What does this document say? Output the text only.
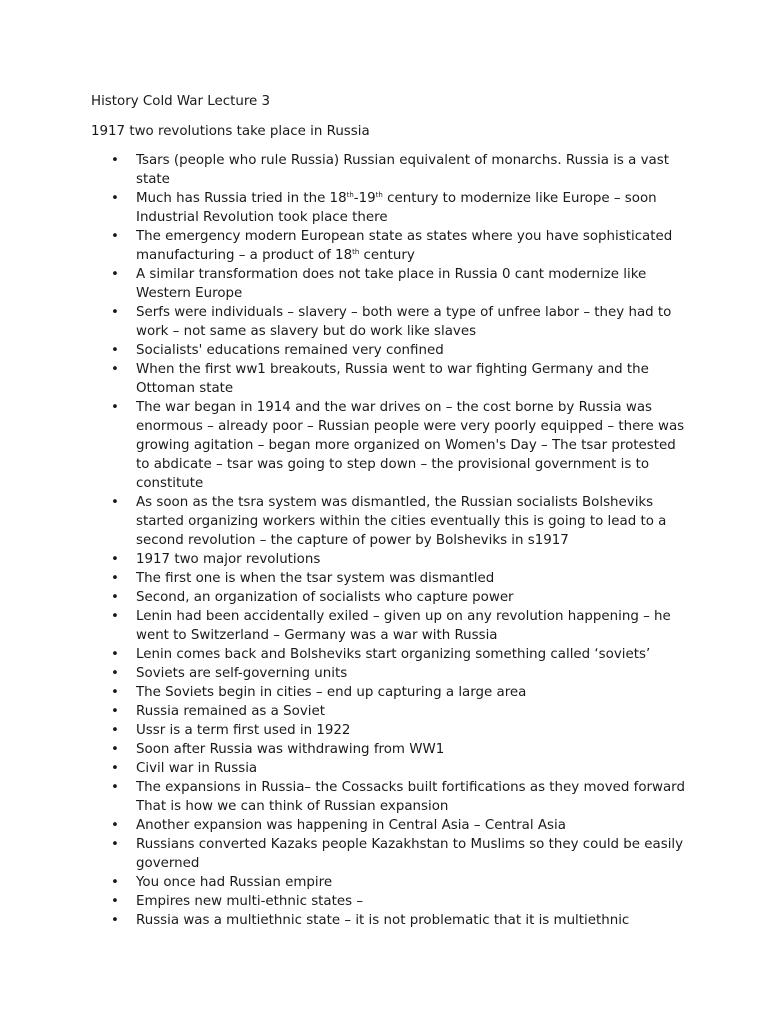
History Cold War Lecture 3

1917 two revolutions take place in Russia

• Tsars (people who rule Russia) Russian equivalent of monarchs. Russia is a vast state
• Much has Russia tried in the 18th-19th century to modernize like Europe – soon Industrial Revolution took place there
• The emergency modern European state as states where you have sophisticated manufacturing – a product of 18th century
• A similar transformation does not take place in Russia 0 cant modernize like Western Europe
• Serfs were individuals – slavery – both were a type of unfree labor – they had to work – not same as slavery but do work like slaves
• Socialists' educations remained very confined
• When the first ww1 breakouts, Russia went to war fighting Germany and the Ottoman state
• The war began in 1914 and the war drives on – the cost borne by Russia was enormous – already poor – Russian people were very poorly equipped – there was growing agitation – began more organized on Women's Day – The tsar protested to abdicate – tsar was going to step down – the provisional government is to constitute
• As soon as the tsra system was dismantled, the Russian socialists Bolsheviks started organizing workers within the cities eventually this is going to lead to a second revolution – the capture of power by Bolsheviks in s1917
• 1917 two major revolutions
• The first one is when the tsar system was dismantled
• Second, an organization of socialists who capture power
• Lenin had been accidentally exiled – given up on any revolution happening – he went to Switzerland – Germany was a war with Russia
• Lenin comes back and Bolsheviks start organizing something called ‘soviets’
• Soviets are self-governing units
• The Soviets begin in cities – end up capturing a large area
• Russia remained as a Soviet
• Ussr is a term first used in 1922
• Soon after Russia was withdrawing from WW1
• Civil war in Russia
• The expansions in Russia– the Cossacks built fortifications as they moved forward That is how we can think of Russian expansion
• Another expansion was happening in Central Asia – Central Asia
• Russians converted Kazaks people Kazakhstan to Muslims so they could be easily governed
• You once had Russian empire
• Empires new multi-ethnic states –
• Russia was a multiethnic state – it is not problematic that it is multiethnic
